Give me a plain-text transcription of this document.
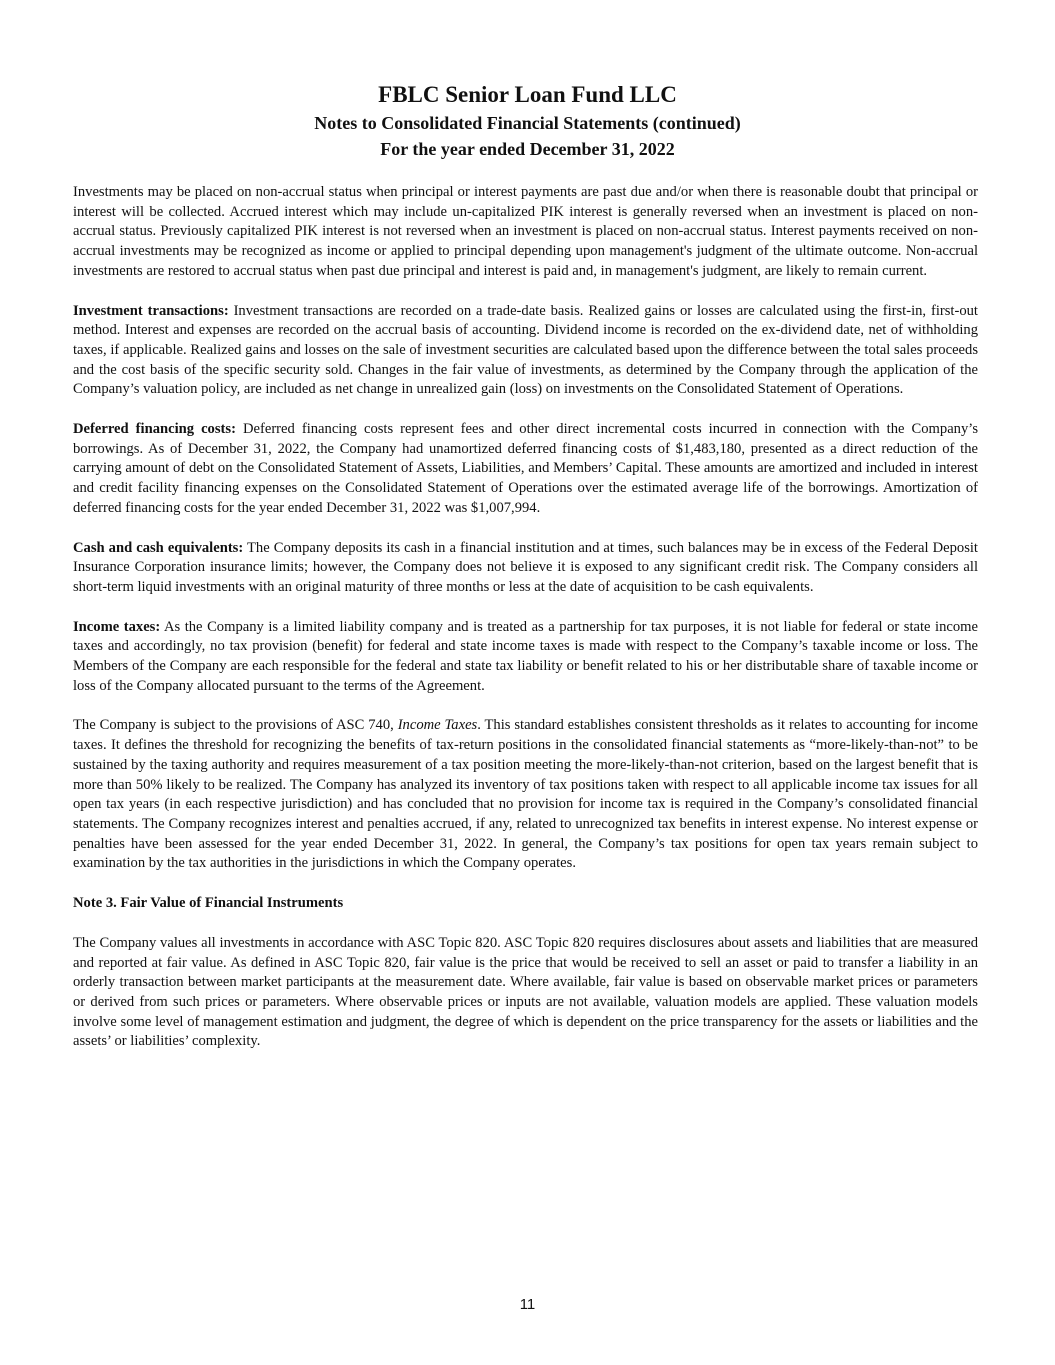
FBLC Senior Loan Fund LLC
Notes to Consolidated Financial Statements (continued)
For the year ended December 31, 2022

Investments may be placed on non-accrual status when principal or interest payments are past due and/or when there is reasonable doubt that principal or interest will be collected. Accrued interest which may include un-capitalized PIK interest is generally reversed when an investment is placed on non-accrual status. Previously capitalized PIK interest is not reversed when an investment is placed on non-accrual status. Interest payments received on non-accrual investments may be recognized as income or applied to principal depending upon management's judgment of the ultimate outcome. Non-accrual investments are restored to accrual status when past due principal and interest is paid and, in management's judgment, are likely to remain current.

Investment transactions: Investment transactions are recorded on a trade-date basis. Realized gains or losses are calculated using the first-in, first-out method. Interest and expenses are recorded on the accrual basis of accounting. Dividend income is recorded on the ex-dividend date, net of withholding taxes, if applicable. Realized gains and losses on the sale of investment securities are calculated based upon the difference between the total sales proceeds and the cost basis of the specific security sold. Changes in the fair value of investments, as determined by the Company through the application of the Company’s valuation policy, are included as net change in unrealized gain (loss) on investments on the Consolidated Statement of Operations.

Deferred financing costs: Deferred financing costs represent fees and other direct incremental costs incurred in connection with the Company’s borrowings. As of December 31, 2022, the Company had unamortized deferred financing costs of $1,483,180, presented as a direct reduction of the carrying amount of debt on the Consolidated Statement of Assets, Liabilities, and Members’ Capital. These amounts are amortized and included in interest and credit facility financing expenses on the Consolidated Statement of Operations over the estimated average life of the borrowings. Amortization of deferred financing costs for the year ended December 31, 2022 was $1,007,994.

Cash and cash equivalents: The Company deposits its cash in a financial institution and at times, such balances may be in excess of the Federal Deposit Insurance Corporation insurance limits; however, the Company does not believe it is exposed to any significant credit risk. The Company considers all short-term liquid investments with an original maturity of three months or less at the date of acquisition to be cash equivalents.

Income taxes: As the Company is a limited liability company and is treated as a partnership for tax purposes, it is not liable for federal or state income taxes and accordingly, no tax provision (benefit) for federal and state income taxes is made with respect to the Company’s taxable income or loss. The Members of the Company are each responsible for the federal and state tax liability or benefit related to his or her distributable share of taxable income or loss of the Company allocated pursuant to the terms of the Agreement.

The Company is subject to the provisions of ASC 740, Income Taxes. This standard establishes consistent thresholds as it relates to accounting for income taxes. It defines the threshold for recognizing the benefits of tax-return positions in the consolidated financial statements as “more-likely-than-not” to be sustained by the taxing authority and requires measurement of a tax position meeting the more-likely-than-not criterion, based on the largest benefit that is more than 50% likely to be realized. The Company has analyzed its inventory of tax positions taken with respect to all applicable income tax issues for all open tax years (in each respective jurisdiction) and has concluded that no provision for income tax is required in the Company’s consolidated financial statements. The Company recognizes interest and penalties accrued, if any, related to unrecognized tax benefits in interest expense. No interest expense or penalties have been assessed for the year ended December 31, 2022. In general, the Company’s tax positions for open tax years remain subject to examination by the tax authorities in the jurisdictions in which the Company operates.

Note 3. Fair Value of Financial Instruments

The Company values all investments in accordance with ASC Topic 820. ASC Topic 820 requires disclosures about assets and liabilities that are measured and reported at fair value. As defined in ASC Topic 820, fair value is the price that would be received to sell an asset or paid to transfer a liability in an orderly transaction between market participants at the measurement date. Where available, fair value is based on observable market prices or parameters or derived from such prices or parameters. Where observable prices or inputs are not available, valuation models are applied. These valuation models involve some level of management estimation and judgment, the degree of which is dependent on the price transparency for the assets or liabilities and the assets’ or liabilities’ complexity.

11
